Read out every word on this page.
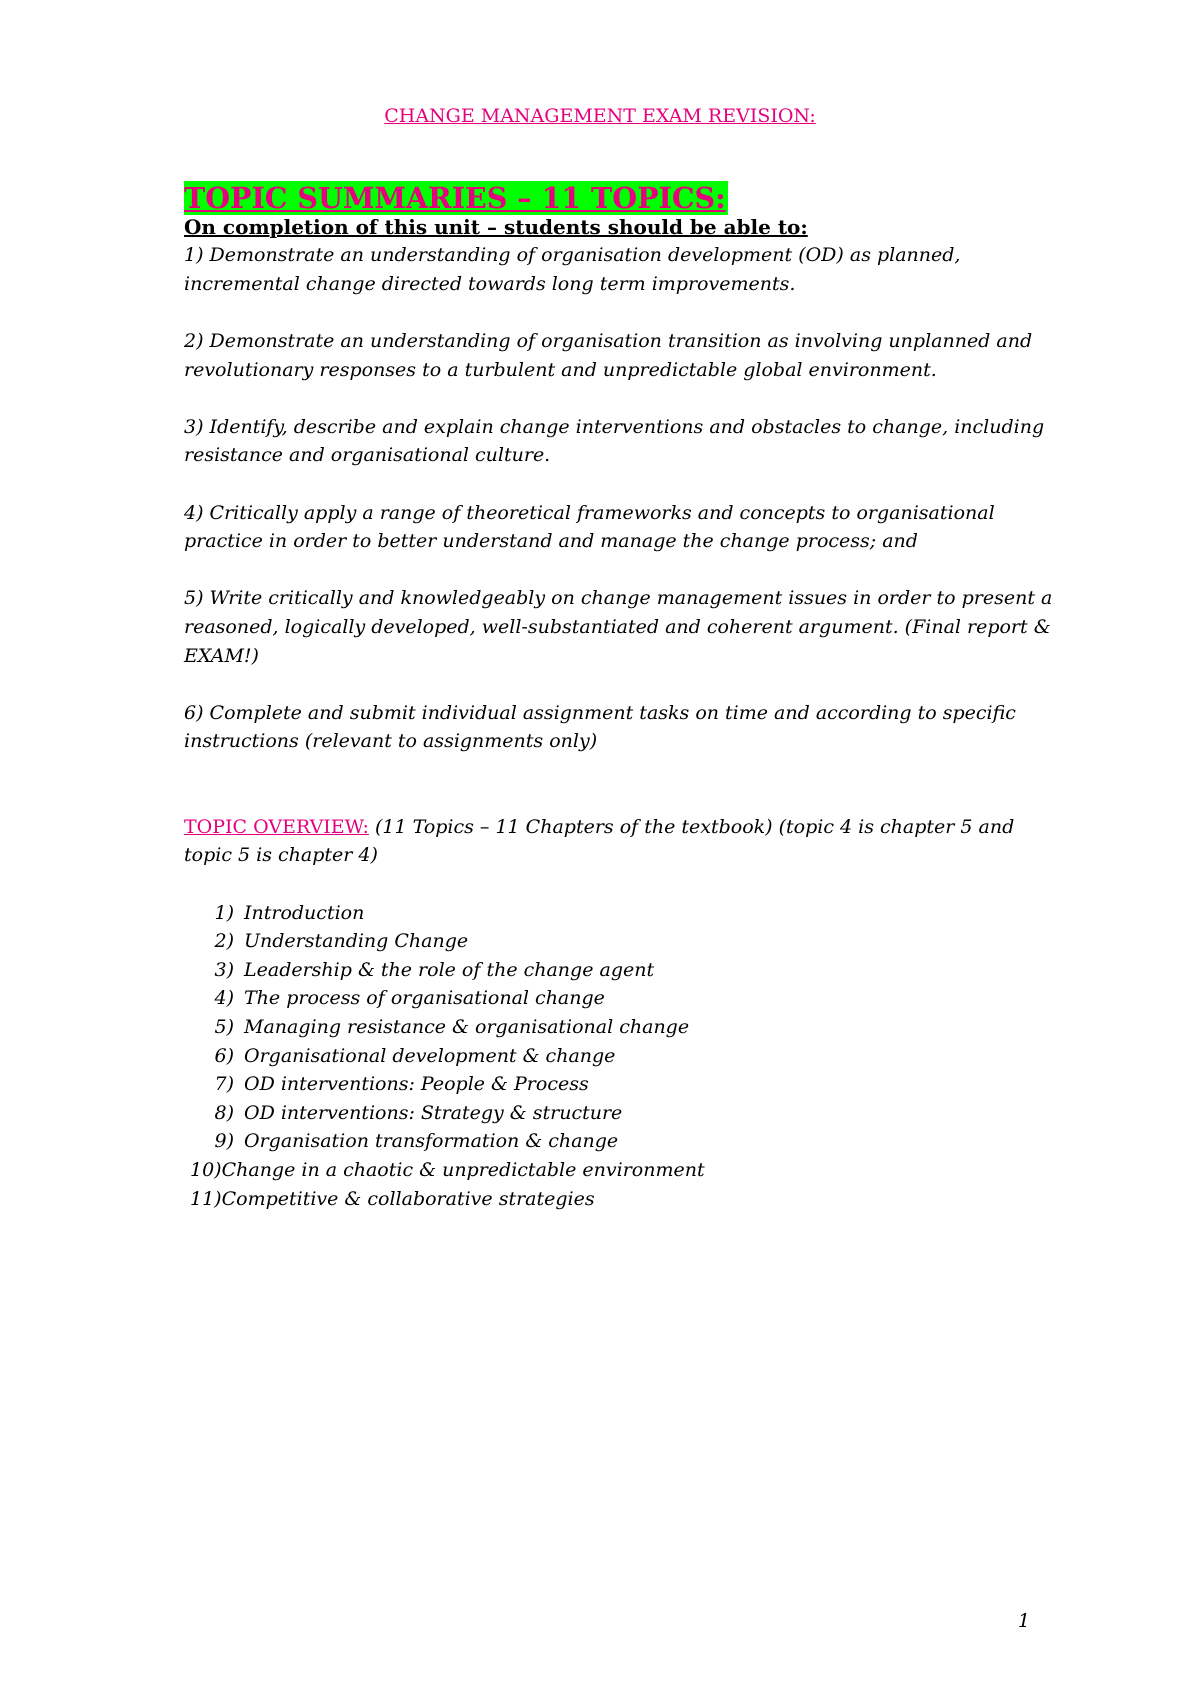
CHANGE MANAGEMENT EXAM REVISION:
TOPIC SUMMARIES – 11 TOPICS:

On completion of this unit – students should be able to:

1) Demonstrate an understanding of organisation development (OD) as planned, incremental change directed towards long term improvements.
2) Demonstrate an understanding of organisation transition as involving unplanned and revolutionary responses to a turbulent and unpredictable global environment.
3) Identify, describe and explain change interventions and obstacles to change, including resistance and organisational culture.
4) Critically apply a range of theoretical frameworks and concepts to organisational practice in order to better understand and manage the change process; and
5) Write critically and knowledgeably on change management issues in order to present a reasoned, logically developed, well-substantiated and coherent argument. (Final report & EXAM!)
6) Complete and submit individual assignment tasks on time and according to specific instructions (relevant to assignments only)

TOPIC OVERVIEW: (11 Topics – 11 Chapters of the textbook) (topic 4 is chapter 5 and topic 5 is chapter 4)

1) Introduction
2) Understanding Change
3) Leadership & the role of the change agent
4) The process of organisational change
5) Managing resistance & organisational change
6) Organisational development & change
7) OD interventions: People & Process
8) OD interventions: Strategy & structure
9) Organisation transformation & change
10) Change in a chaotic & unpredictable environment
11) Competitive & collaborative strategies
1
